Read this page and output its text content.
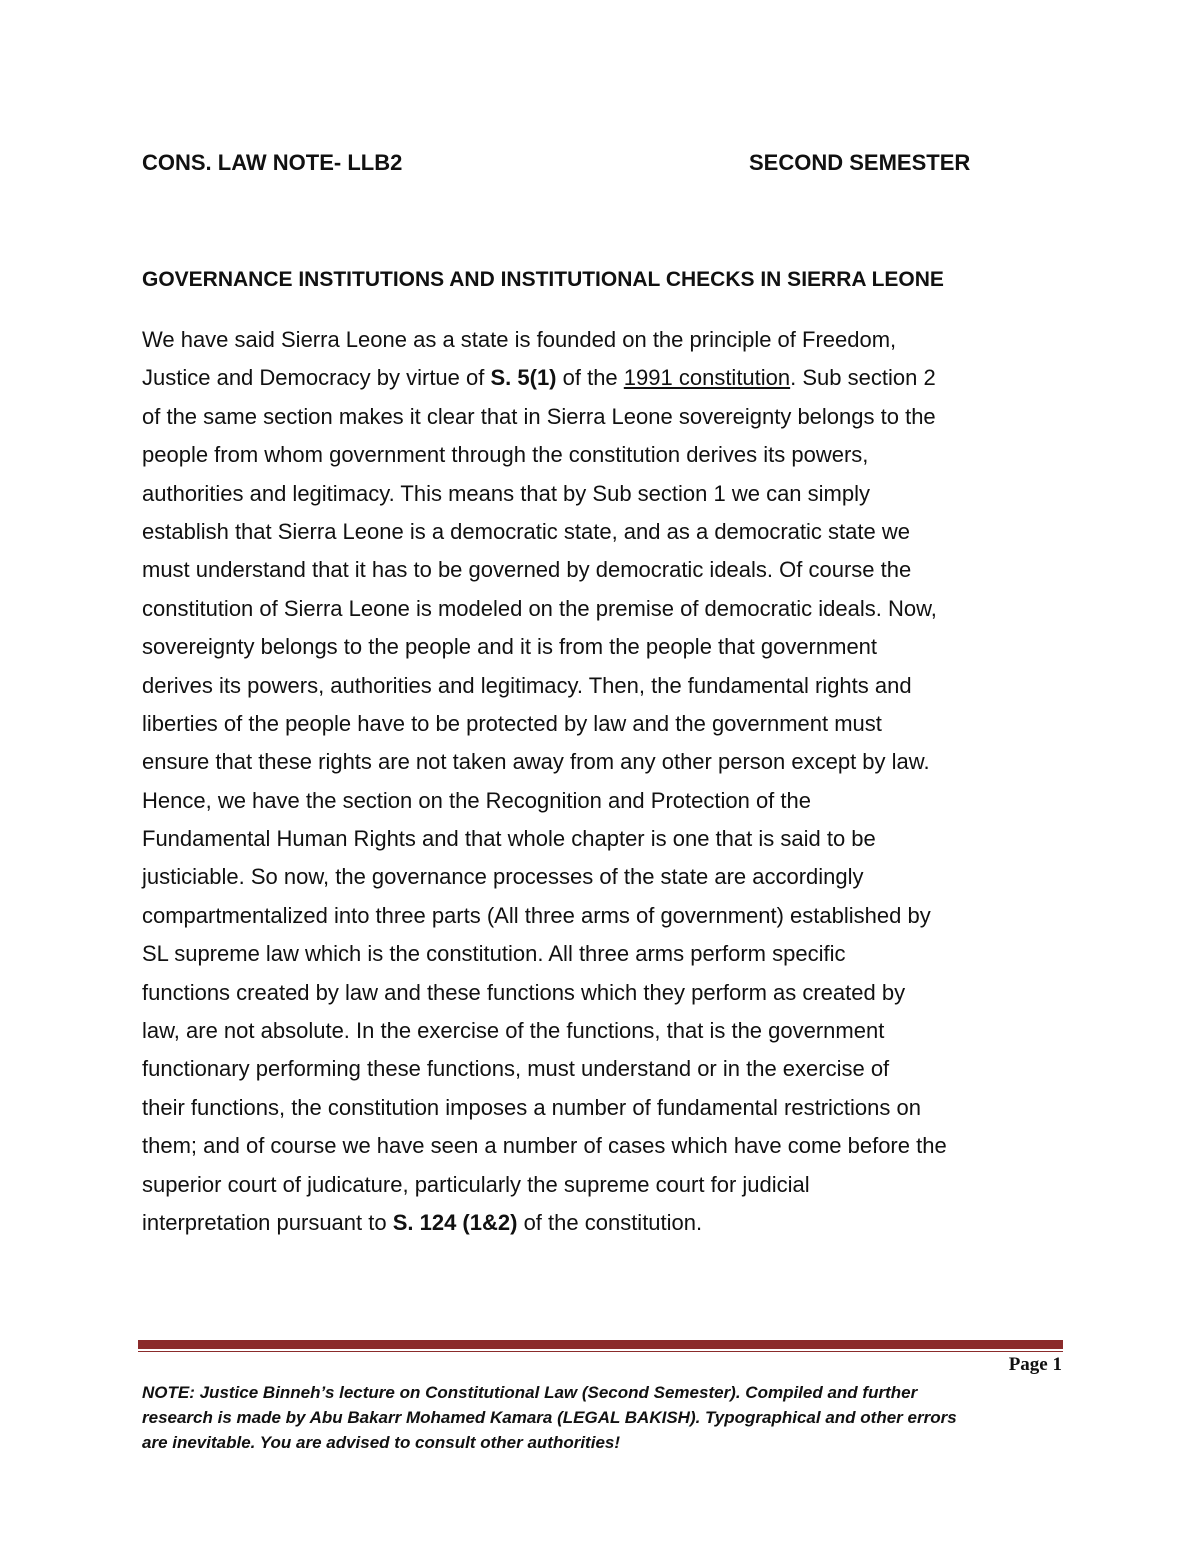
CONS. LAW NOTE- LLB2	SECOND SEMESTER
GOVERNANCE INSTITUTIONS AND INSTITUTIONAL CHECKS IN SIERRA LEONE
We have said Sierra Leone as a state is founded on the principle of Freedom,
Justice and Democracy by virtue of S. 5(1) of the 1991 constitution. Sub section 2
of the same section makes it clear that in Sierra Leone sovereignty belongs to the
people from whom government through the constitution derives its powers,
authorities and legitimacy. This means that by Sub section 1 we can simply
establish that Sierra Leone is a democratic state, and as a democratic state we
must understand that it has to be governed by democratic ideals. Of course the
constitution of Sierra Leone is modeled on the premise of democratic ideals. Now,
sovereignty belongs to the people and it is from the people that government
derives its powers, authorities and legitimacy. Then, the fundamental rights and
liberties of the people have to be protected by law and the government must
ensure that these rights are not taken away from any other person except by law.
Hence, we have the section on the Recognition and Protection of the
Fundamental Human Rights and that whole chapter is one that is said to be
justiciable. So now, the governance processes of the state are accordingly
compartmentalized into three parts (All three arms of government) established by
SL supreme law which is the constitution. All three arms perform specific
functions created by law and these functions which they perform as created by
law, are not absolute. In the exercise of the functions, that is the government
functionary performing these functions, must understand or in the exercise of
their functions, the constitution imposes a number of fundamental restrictions on
them; and of course we have seen a number of cases which have come before the
superior court of judicature, particularly the supreme court for judicial
interpretation pursuant to S. 124 (1&2) of the constitution.
Page 1
NOTE: Justice Binneh’s lecture on Constitutional Law (Second Semester). Compiled and further
research is made by Abu Bakarr Mohamed Kamara (LEGAL BAKISH). Typographical and other errors
are inevitable. You are advised to consult other authorities!
